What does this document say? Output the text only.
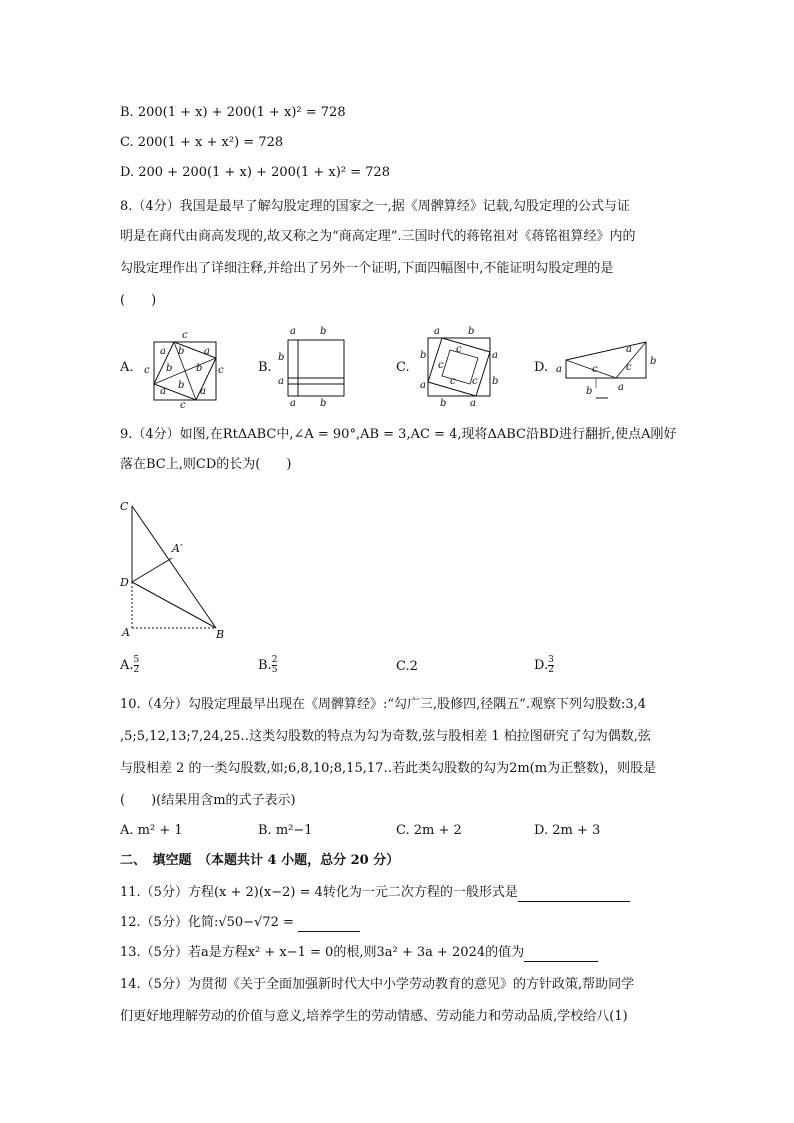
B. 200(1 + x) + 200(1 + x)² = 728
C. 200(1 + x + x²) = 728
D. 200 + 200(1 + x) + 200(1 + x)² = 728
8.（4分）我国是最早了解勾股定理的国家之一,据《周髀算经》记载,勾股定理的公式与证
明是在商代由商高发现的,故又称之为“商高定理”.三国时代的蒋铭祖对《蒋铭祖算经》内的
勾股定理作出了详细注释,并给出了另外一个证明,下面四幅图中,不能证明勾股定理的是
(　　)
A.
c
a b a
c b b c
a
b
a
c
B.
a b
b
a
a b
C.
a	b
b
a
a
b
c
c
c c
b a
D. a
a
b
c	c
b	a
9.（4分）如图,在RtΔABC中,∠A = 90°,AB = 3,AC = 4,现将ΔABC沿BD进行翻折,使点A刚好
落在BC上,则CD的长为(　　)
C
A′
D
A	B
A. $\frac{5}{2}$	B. $\frac{2}{5}$	C.2	D. $\frac{3}{2}$
10.（4分）勾股定理最早出现在《周髀算经》:“勾广三,股修四,径隅五”.观察下列勾股数:3,4
,5;5,12,13;7,24,25‥这类勾股数的特点为勾为奇数,弦与股相差 1 柏拉图研究了勾为偶数,弦
与股相差 2 的一类勾股数,如;6,8,10;8,15,17‥若此类勾股数的勾为2m(m为正整数)，则股是
(　　)(结果用含m的式子表示)
A. m² + 1	B. m²−1	C. 2m + 2	D. 2m + 3
二、　填空题　（本题共计 4 小题，总分 20 分）
11.（5分）方程(x + 2)(x−2) = 4转化为一元二次方程的一般形式是
12.（5分）化简:√50−√72 =
13.（5分）若a是方程x² + x−1 = 0的根,则3a² + 3a + 2024的值为
14.（5分）为贯彻《关于全面加强新时代大中小学劳动教育的意见》的方针政策,帮助同学
们更好地理解劳动的价值与意义,培养学生的劳动情感、劳动能力和劳动品质,学校给八(1)
